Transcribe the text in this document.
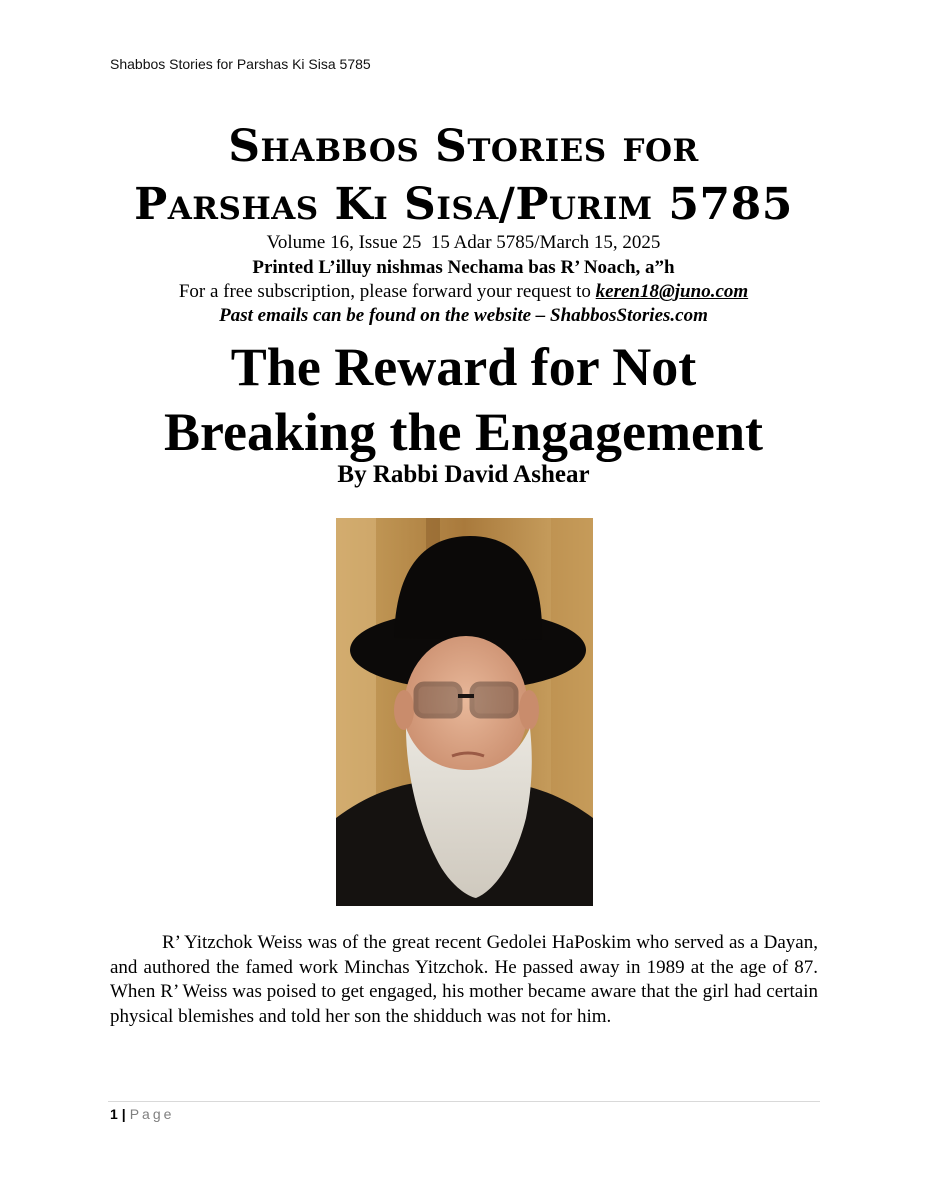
Shabbos Stories for Parshas Ki Sisa 5785
Shabbos Stories for
Parshas Ki Sisa/Purim 5785
Volume 16, Issue 25  15 Adar 5785/March 15, 2025
Printed L’illuy nishmas Nechama bas R’ Noach, a”h
For a free subscription, please forward your request to keren18@juno.com
Past emails can be found on the website – ShabbosStories.com
The Reward for Not
Breaking the Engagement
By Rabbi David Ashear
R’ Yitzchok Weiss was of the great recent Gedolei HaPoskim who served as a Dayan, and authored the famed work Minchas Yitzchok. He passed away in 1989 at the age of 87. When R’ Weiss was poised to get engaged, his mother became aware that the girl had certain physical blemishes and told her son the shidduch was not for him.
1 | Page
